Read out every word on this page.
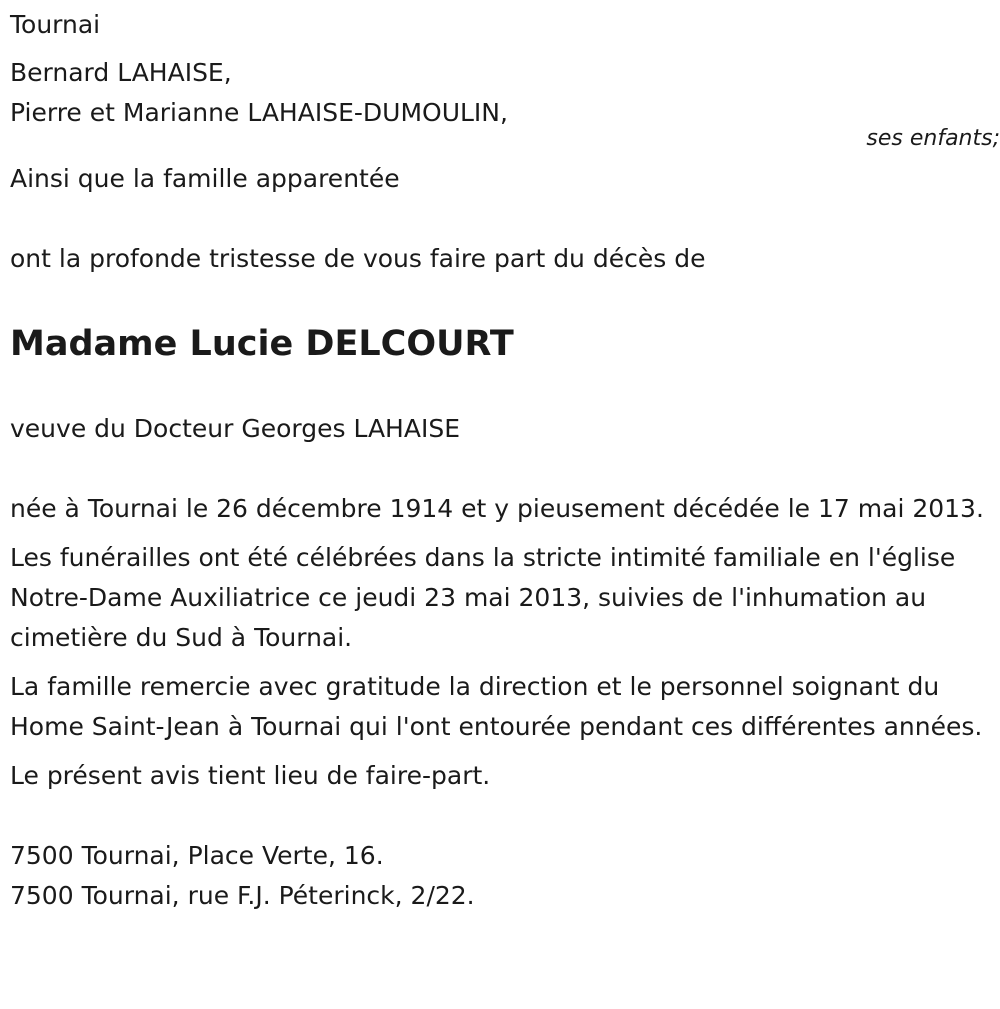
Tournai
Bernard LAHAISE,
Pierre et Marianne LAHAISE-DUMOULIN,
ses enfants;
Ainsi que la famille apparentée
ont la profonde tristesse de vous faire part du décès de
Madame Lucie DELCOURT
veuve du Docteur Georges LAHAISE
née à Tournai le 26 décembre 1914 et y pieusement décédée le 17 mai 2013.
Les funérailles ont été célébrées dans la stricte intimité familiale en l'église Notre-Dame Auxiliatrice ce jeudi 23 mai 2013, suivies de l'inhumation au cimetière du Sud à Tournai.
La famille remercie avec gratitude la direction et le personnel soignant du Home Saint-Jean à Tournai qui l'ont entourée pendant ces différentes années.
Le présent avis tient lieu de faire-part.
7500 Tournai, Place Verte, 16.
7500 Tournai, rue F.J. Péterinck, 2/22.
